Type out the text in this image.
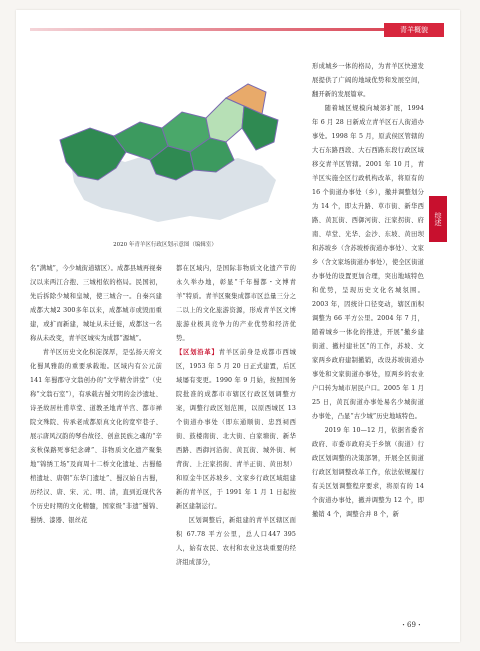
青羊概貌
综述
2020 年青羊区行政区划示意图（编辑室）

名“满城”，今少城街道辖区）。成都县城再视秦汉以来两江合抱、三城相依的格局。民国初，先后拆除少城和皇城，使三城合一。自秦兴建成都大城2 300多年以来，成都城市或毁而重建，或扩而新建，城址从未迁徙，成都这一名称从未改变，青羊区城实为成都“源城”。

青羊区历史文化积淀深厚，是弘扬天府文化蜀风雅韵的重要承载地。区域内有公元前 141 年蜀郡守文翁创办的“文学精舍讲堂”（史称“文翁石室”），有承载古蜀文明的金沙遗址、诗圣故居杜甫草堂、道教圣地青羊宫、都市禅院文殊院、传承老成都原真文化的宽窄巷子、展示唐风汉韵的琴台故径、创意民族之魂的“辛亥秋保路死事纪念碑”、非物质文化遗产聚集地“锦绣工场”及商周十二桥文化遗址、古蜀船棺遗址、唐朝“东华门遗址”、蜀汉始自古蜀，历经汉、唐、宋、元、明、清，直到近现代各个历史时期的文化精髓，国家级“非遗”蜀锦、蜀绣、漆器、银丝花

都在区域内，是国际非物质文化遗产节的永久举办地，彰显“千年蜀都・文博青羊”特质。青羊区聚集成都市区总量三分之二以上的文化旅游资源，形成青羊区文博旅游业极具竞争力的产业优势和经济优势。

【区划沿革】青羊区前身是成都市西城区，1953 年 5 月 20 日正式建置，后区域屡有变更。1990 年 9 月始，按照国务院批准的成都市市辖区行政区划调整方案，调整行政区划范围，以原西城区 13 个街道办事处（即东通顺街、忠烈祠西街、鼓楼南街、北大街、白家塘街、新华西路、西御河沿街、黄瓦街、城外街、柯背街、上汪家拐街、青羊正街、黄田坝）和原金牛区苏坡乡、文家乡行政区域组建新的青羊区，于 1991 年 1 月 1 日起按新区建制运行。

区划调整后，新组建的青羊区辖区面积 67.78 平方公里，总人口447 395 人，始有农民、农村和农业这块重要的经济组成部分，

形成城乡一体的格局，为青羊区快速发展提供了广阔的地域优势和发展空间，翻开新的发展篇章。

随着城区规模向城郊扩展，1994 年 6 月 28 日新成立青羊区石人街道办事处。1998 年 5 月，原武侯区管辖的大石东路西段、大石西路东段行政区域移交青羊区管辖。2001 年 10 月，青羊区实施全区行政机构改革，将原有的 16 个街道办事处（乡），撤并调整划分为 14 个，即太升路、草市街、新华西路、黄瓦街、西御河街、汪家拐街、府南、草堂、光华、金沙、东坡、黄田坝和苏坡乡（含苏坡桥街道办事处）、文家乡（含文家场街道办事处），使全区街道办事处的设置更加合理，突出地域特色和优势，呈现历史文化名城氛围。2003 年，因统计口径变动，辖区面积调整为 66 平方公里。2004 年 7 月，随着城乡一体化的推进，开展“撤乡建街道、撤村建社区”的工作，苏坡、文家两乡政府建制撤销，改设苏坡街道办事处和文家街道办事处，原两乡的农业户口转为城市居民户口。2005 年 1 月 25 日，黄瓦街道办事处易名少城街道办事处，凸显“古少城”历史地域特色。

2019 年 10—12 月，依据省委省政府、市委市政府关于乡镇（街道）行政区划调整的决策部署，开展全区街道行政区划调整改革工作，依法依规履行有关区划调整程序要求，将原有的 14 个街道办事处，撤并调整为 12 个，即撤销 4 个，调整合并 8 个，新

・69・
